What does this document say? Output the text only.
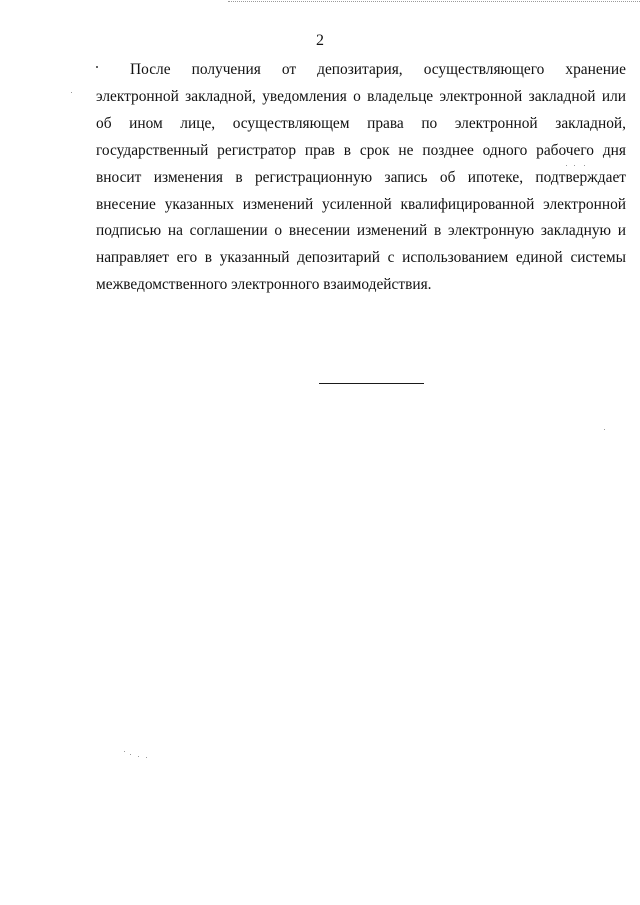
2

После получения от депозитария, осуществляющего хранение электронной закладной, уведомления о владельце электронной закладной или об ином лице, осуществляющем права по электронной закладной, государственный регистратор прав в срок не позднее одного рабочего дня вносит изменения в регистрационную запись об ипотеке, подтверждает внесение указанных изменений усиленной квалифицированной электронной подписью на соглашении о внесении изменений в электронную закладную и направляет его в указанный депозитарий с использованием единой системы межведомственного электронного взаимодействия.
